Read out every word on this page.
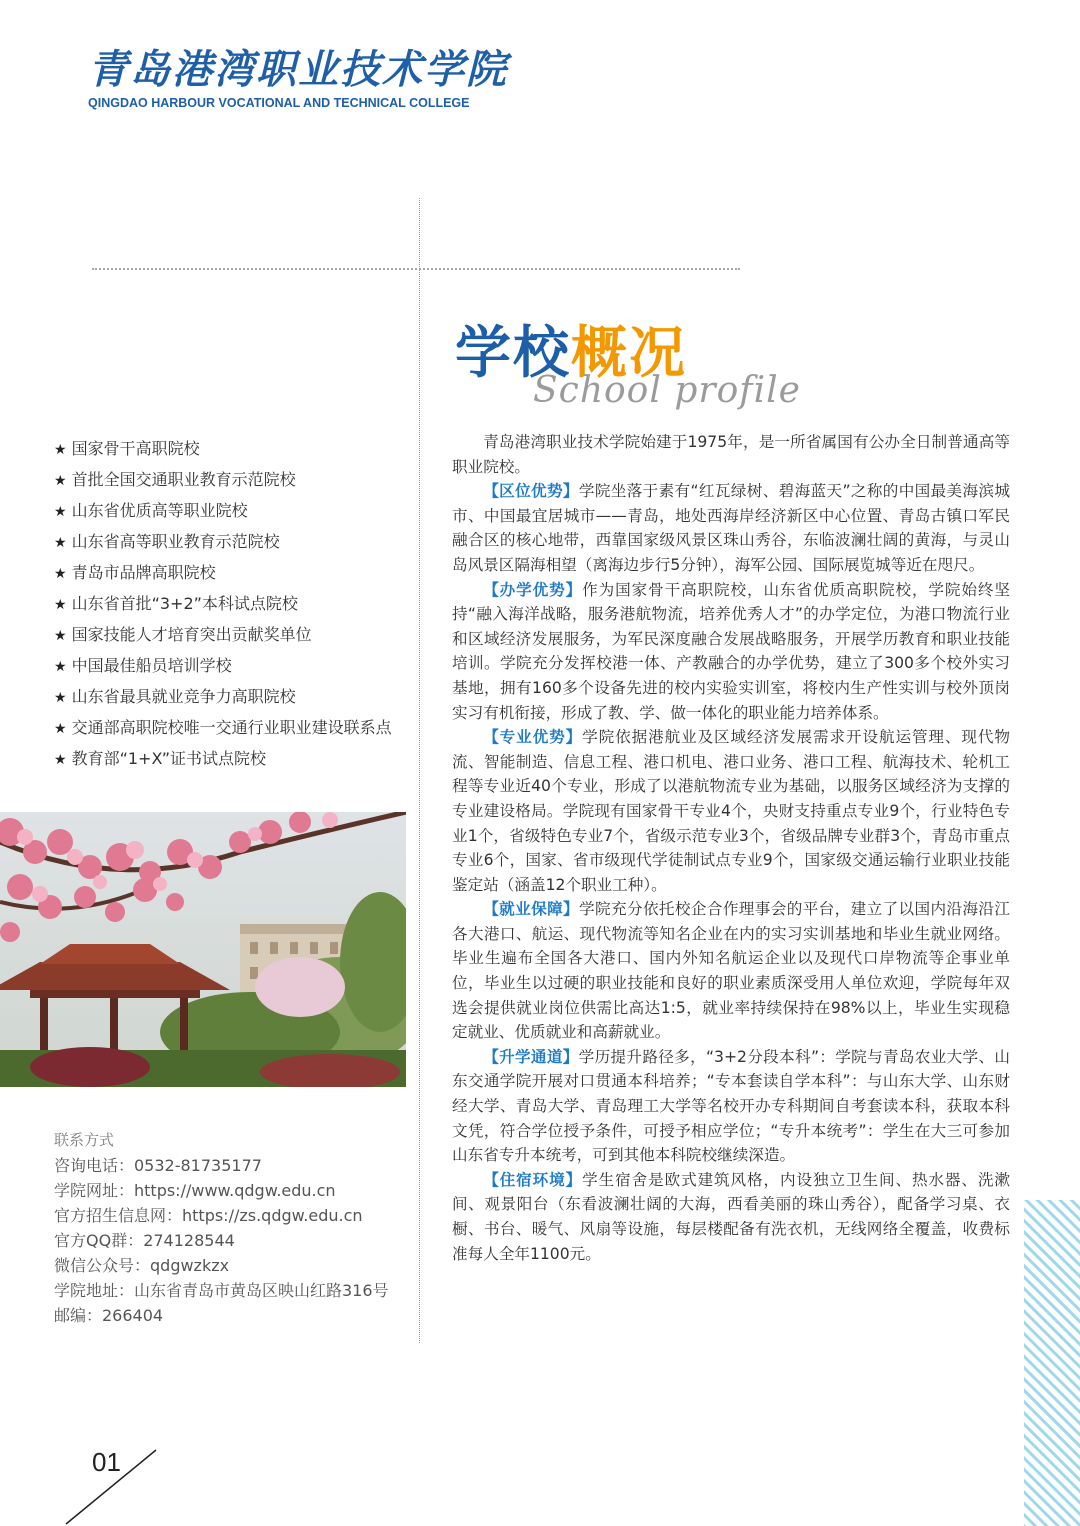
青岛港湾职业技术学院
QINGDAO HARBOUR VOCATIONAL AND TECHNICAL COLLEGE
学校概况
School profile
★ 国家骨干高职院校
★ 首批全国交通职业教育示范院校
★ 山东省优质高等职业院校
★ 山东省高等职业教育示范院校
★ 青岛市品牌高职院校
★ 山东省首批“3+2”本科试点院校
★ 国家技能人才培育突出贡献奖单位
★ 中国最佳船员培训学校
★ 山东省最具就业竞争力高职院校
★ 交通部高职院校唯一交通行业职业建设联系点
★ 教育部“1+X”证书试点院校
联系方式
咨询电话：0532-81735177
学院网址：https://www.qdgw.edu.cn
官方招生信息网：https://zs.qdgw.edu.cn
官方QQ群：274128544
微信公众号：qdgwzkzx
学院地址：山东省青岛市黄岛区映山红路316号
邮编：266404

青岛港湾职业技术学院始建于1975年，是一所省属国有公办全日制普通高等职业院校。

【区位优势】学院坐落于素有“红瓦绿树、碧海蓝天”之称的中国最美海滨城市、中国最宜居城市——青岛，地处西海岸经济新区中心位置、青岛古镇口军民融合区的核心地带，西靠国家级风景区珠山秀谷，东临波澜壮阔的黄海，与灵山岛风景区隔海相望（离海边步行5分钟），海军公园、国际展览城等近在咫尺。

【办学优势】作为国家骨干高职院校，山东省优质高职院校，学院始终坚持“融入海洋战略，服务港航物流，培养优秀人才”的办学定位，为港口物流行业和区域经济发展服务，为军民深度融合发展战略服务，开展学历教育和职业技能培训。学院充分发挥校港一体、产教融合的办学优势，建立了300多个校外实习基地，拥有160多个设备先进的校内实验实训室，将校内生产性实训与校外顶岗实习有机衔接，形成了教、学、做一体化的职业能力培养体系。

【专业优势】学院依据港航业及区域经济发展需求开设航运管理、现代物流、智能制造、信息工程、港口机电、港口业务、港口工程、航海技术、轮机工程等专业近40个专业，形成了以港航物流专业为基础，以服务区域经济为支撑的专业建设格局。学院现有国家骨干专业4个，央财支持重点专业9个，行业特色专业1个，省级特色专业7个，省级示范专业3个，省级品牌专业群3个，青岛市重点专业6个，国家、省市级现代学徒制试点专业9个，国家级交通运输行业职业技能鉴定站（涵盖12个职业工种）。

【就业保障】学院充分依托校企合作理事会的平台，建立了以国内沿海沿江各大港口、航运、现代物流等知名企业在内的实习实训基地和毕业生就业网络。毕业生遍布全国各大港口、国内外知名航运企业以及现代口岸物流等企事业单位，毕业生以过硬的职业技能和良好的职业素质深受用人单位欢迎，学院每年双选会提供就业岗位供需比高达1:5，就业率持续保持在98%以上，毕业生实现稳定就业、优质就业和高薪就业。

【升学通道】学历提升路径多，“3+2分段本科”：学院与青岛农业大学、山东交通学院开展对口贯通本科培养；“专本套读自学本科”：与山东大学、山东财经大学、青岛大学、青岛理工大学等名校开办专科期间自考套读本科，获取本科文凭，符合学位授予条件，可授予相应学位；“专升本统考”：学生在大三可参加山东省专升本统考，可到其他本科院校继续深造。

【住宿环境】学生宿舍是欧式建筑风格，内设独立卫生间、热水器、洗漱间、观景阳台（东看波澜壮阔的大海，西看美丽的珠山秀谷），配备学习桌、衣橱、书台、暖气、风扇等设施，每层楼配备有洗衣机，无线网络全覆盖，收费标准每人全年1100元。

01
